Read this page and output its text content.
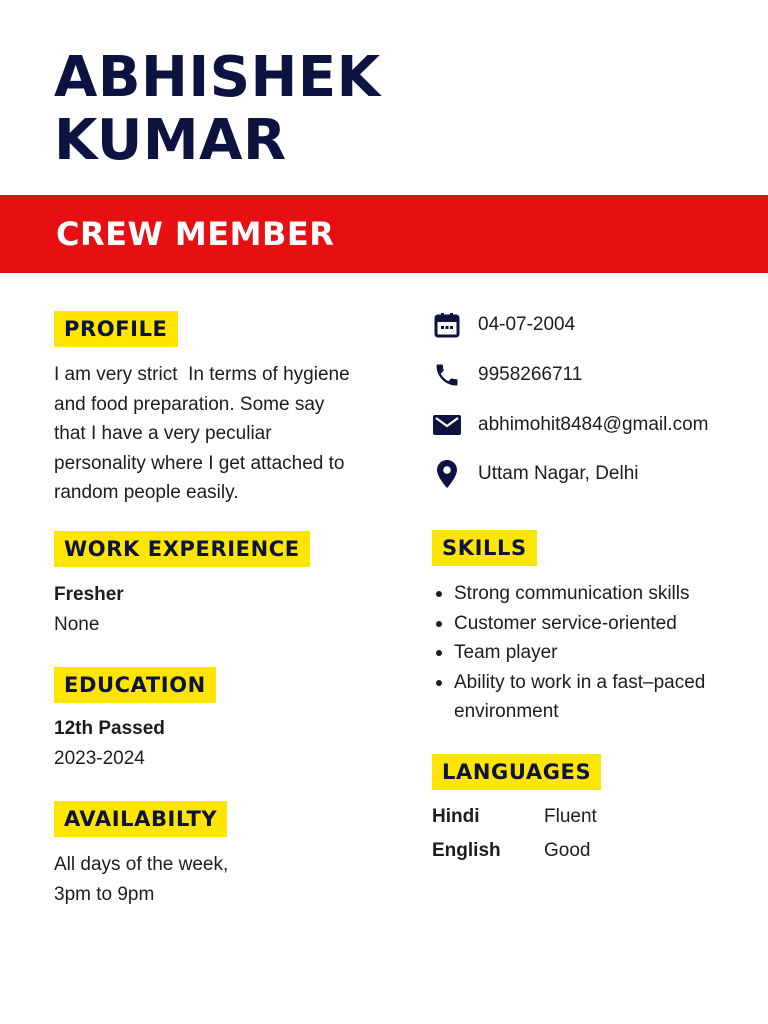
ABHISHEK
KUMAR
CREW MEMBER
PROFILE
I am very strict  In terms of hygiene
and food preparation. Some say
that I have a very peculiar
personality where I get attached to
random people easily.
WORK EXPERIENCE
Fresher
None
EDUCATION
12th Passed
2023-2024
AVAILABILTY
All days of the week,
3pm to 9pm
04-07-2004
9958266711
abhimohit8484@gmail.com
Uttam Nagar, Delhi
SKILLS
Strong communication skills
Customer service-oriented
Team player
Ability to work in a fast–paced environment
LANGUAGES
Hindi	Fluent
English Good
